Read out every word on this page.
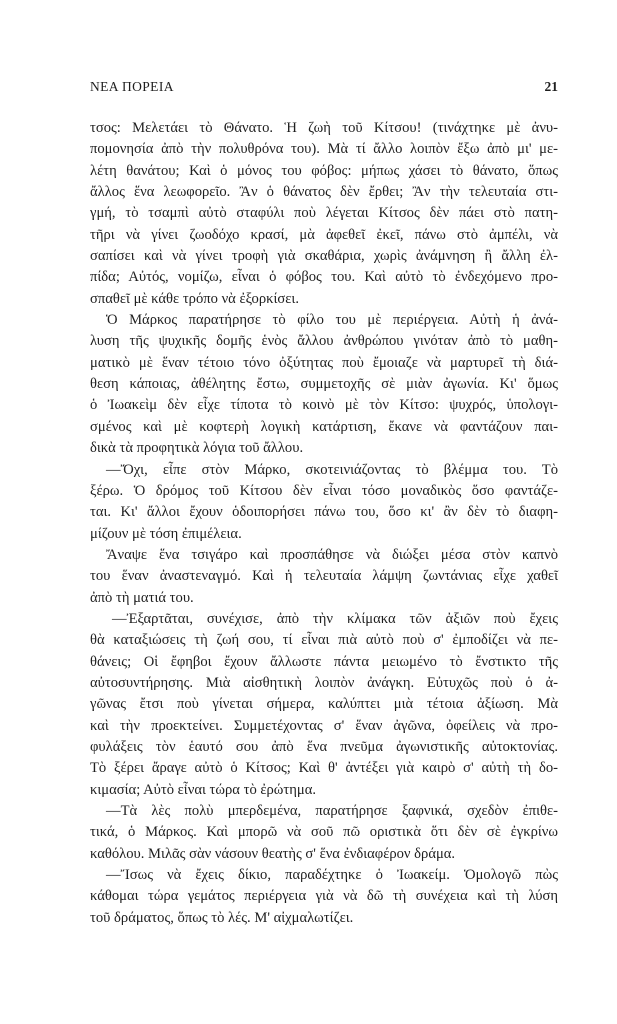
ΝΕΑ ΠΟΡΕΙΑ	21
τσος: Μελετάει τὸ Θάνατο. Ἡ ζωὴ τοῦ Κίτσου! (τινάχτηκε μὲ ἀνυ-
πομονησία ἀπὸ τὴν πολυθρόνα του). Μὰ τί ἄλλο λοιπὸν ἔξω ἀπὸ μι' με-
λέτη θανάτου; Καὶ ὁ μόνος του φόβος: μήπως χάσει τὸ θάνατο, ὅπως
ἄλλος ἕνα λεωφορεῖο. Ἂν ὁ θάνατος δὲν ἔρθει; Ἂν τὴν τελευταία στι-
γμή, τὸ τσαμπὶ αὐτὸ σταφύλι ποὺ λέγεται Κίτσος δὲν πάει στὸ πατη-
τῆρι νὰ γίνει ζωοδόχο κρασί, μὰ ἀφεθεῖ ἐκεῖ, πάνω στὸ ἀμπέλι, νὰ
σαπίσει καὶ νὰ γίνει τροφὴ γιὰ σκαθάρια, χωρὶς ἀνάμνηση ἢ ἄλλη ἐλ-
πίδα; Αὐτός, νομίζω, εἶναι ὁ φόβος του. Καὶ αὐτὸ τὸ ἐνδεχόμενο προ-
σπαθεῖ μὲ κάθε τρόπο νὰ ἐξορκίσει.
Ὁ Μάρκος παρατήρησε τὸ φίλο του μὲ περιέργεια. Αὐτὴ ἡ ἀνά-
λυση τῆς ψυχικῆς δομῆς ἑνὸς ἄλλου ἀνθρώπου γινόταν ἀπὸ τὸ μαθη-
ματικὸ μὲ ἕναν τέτοιο τόνο ὀξύτητας ποὺ ἔμοιαζε νὰ μαρτυρεῖ τὴ διά-
θεση κάποιας, ἀθέλητης ἔστω, συμμετοχῆς σὲ μιὰν ἀγωνία. Κι' ὅμως
ὁ Ἰωακεὶμ δὲν εἶχε τίποτα τὸ κοινὸ μὲ τὸν Κίτσο: ψυχρός, ὑπολογι-
σμένος καὶ μὲ κοφτερὴ λογικὴ κατάρτιση, ἔκανε νὰ φαντάζουν παι-
δικὰ τὰ προφητικὰ λόγια τοῦ ἄλλου.
—Ὄχι, εἶπε στὸν Μάρκο, σκοτεινιάζοντας τὸ βλέμμα του. Τὸ
ξέρω. Ὁ δρόμος τοῦ Κίτσου δὲν εἶναι τόσο μοναδικὸς ὅσο φαντάζε-
ται. Κι' ἄλλοι ἔχουν ὁδοιπορήσει πάνω του, ὅσο κι' ἂν δὲν τὸ διαφη-
μίζουν μὲ τόση ἐπιμέλεια.
Ἄναψε ἕνα τσιγάρο καὶ προσπάθησε νὰ διώξει μέσα στὸν καπνὸ
του ἕναν ἀναστεναγμό. Καὶ ἡ τελευταία λάμψη ζωντάνιας εἶχε χαθεῖ
ἀπὸ τὴ ματιά του.
—Ἐξαρτᾶται, συνέχισε, ἀπὸ τὴν κλίμακα τῶν ἀξιῶν ποὺ ἔχεις
θὰ καταξιώσεις τὴ ζωή σου, τί εἶναι πιὰ αὐτὸ ποὺ σ' ἐμποδίζει νὰ πε-
θάνεις; Οἱ ἔφηβοι ἔχουν ἄλλωστε πάντα μειωμένο τὸ ἔνστικτο τῆς
αὐτοσυντήρησης. Μιὰ αἰσθητικὴ λοιπὸν ἀνάγκη. Εὐτυχῶς ποὺ ὁ ἀ-
γῶνας ἔτσι ποὺ γίνεται σήμερα, καλύπτει μιὰ τέτοια ἀξίωση. Μὰ
καὶ τὴν προεκτείνει. Συμμετέχοντας σ' ἕναν ἀγῶνα, ὀφείλεις νὰ προ-
φυλάξεις τὸν ἑαυτό σου ἀπὸ ἕνα πνεῦμα ἀγωνιστικῆς αὐτοκτονίας.
Τὸ ξέρει ἄραγε αὐτὸ ὁ Κίτσος; Καὶ θ' ἀντέξει γιὰ καιρὸ σ' αὐτὴ τὴ δο-
κιμασία; Αὐτὸ εἶναι τώρα τὸ ἐρώτημα.
—Τὰ λὲς πολὺ μπερδεμένα, παρατήρησε ξαφνικά, σχεδὸν ἐπιθε-
τικά, ὁ Μάρκος. Καὶ μπορῶ νὰ σοῦ πῶ οριστικὰ ὅτι δὲν σὲ ἐγκρίνω
καθόλου. Μιλᾶς σὰν νάσουν θεατὴς σ' ἕνα ἐνδιαφέρον δράμα.
—Ἴσως νὰ ἔχεις δίκιο, παραδέχτηκε ὁ Ἰωακείμ. Ὁμολογῶ πὼς
κάθομαι τώρα γεμάτος περιέργεια γιὰ νὰ δῶ τὴ συνέχεια καὶ τὴ λύση
τοῦ δράματος, ὅπως τὸ λές. Μ' αἰχμαλωτίζει.
